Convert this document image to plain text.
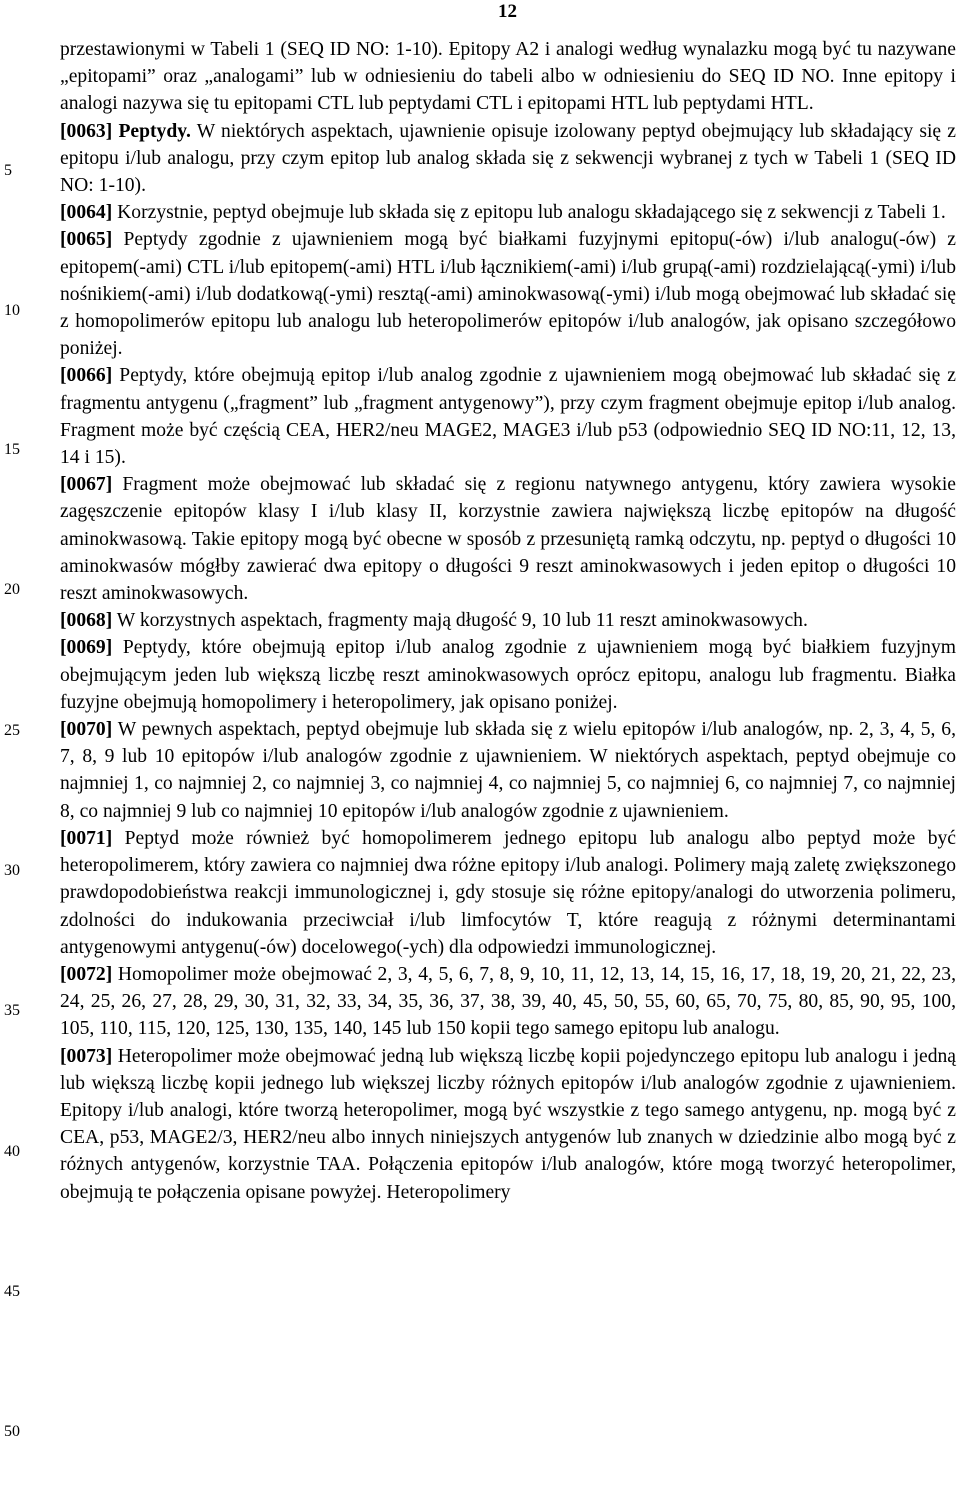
12
5
10
15
20
25
30
35
40
45
50

przestawionymi w Tabeli 1 (SEQ ID NO: 1-10). Epitopy A2 i analogi według wynalazku mogą być tu nazywane „epitopami” oraz „analogami” lub w odniesieniu do tabeli albo w odniesieniu do SEQ ID NO. Inne epitopy i analogi nazywa się tu epitopami CTL lub peptydami CTL i epitopami HTL lub peptydami HTL.

[0063] Peptydy. W niektórych aspektach, ujawnienie opisuje izolowany peptyd obejmujący lub składający się z epitopu i/lub analogu, przy czym epitop lub analog składa się z sekwencji wybranej z tych w Tabeli 1 (SEQ ID NO: 1-10).

[0064] Korzystnie, peptyd obejmuje lub składa się z epitopu lub analogu składającego się z sekwencji z Tabeli 1.

[0065] Peptydy zgodnie z ujawnieniem mogą być białkami fuzyjnymi epitopu(-ów) i/lub analogu(-ów) z epitopem(-ami) CTL i/lub epitopem(-ami) HTL i/lub łącznikiem(-ami) i/lub grupą(-ami) rozdzielającą(-ymi) i/lub nośnikiem(-ami) i/lub dodatkową(-ymi) resztą(-ami) aminokwasową(-ymi) i/lub mogą obejmować lub składać się z homopolimerów epitopu lub analogu lub heteropolimerów epitopów i/lub analogów, jak opisano szczegółowo poniżej.

[0066] Peptydy, które obejmują epitop i/lub analog zgodnie z ujawnieniem mogą obejmować lub składać się z fragmentu antygenu („fragment” lub „fragment antygenowy”), przy czym fragment obejmuje epitop i/lub analog. Fragment może być częścią CEA, HER2/neu MAGE2, MAGE3 i/lub p53 (odpowiednio SEQ ID NO:11, 12, 13, 14 i 15).

[0067] Fragment może obejmować lub składać się z regionu natywnego antygenu, który zawiera wysokie zagęszczenie epitopów klasy I i/lub klasy II, korzystnie zawiera największą liczbę epitopów na długość aminokwasową. Takie epitopy mogą być obecne w sposób z przesuniętą ramką odczytu, np. peptyd o długości 10 aminokwasów mógłby zawierać dwa epitopy o długości 9 reszt aminokwasowych i jeden epitop o długości 10 reszt aminokwasowych.

[0068] W korzystnych aspektach, fragmenty mają długość 9, 10 lub 11 reszt aminokwasowych.

[0069] Peptydy, które obejmują epitop i/lub analog zgodnie z ujawnieniem mogą być białkiem fuzyjnym obejmującym jeden lub większą liczbę reszt aminokwasowych oprócz epitopu, analogu lub fragmentu. Białka fuzyjne obejmują homopolimery i heteropolimery, jak opisano poniżej.

[0070] W pewnych aspektach, peptyd obejmuje lub składa się z wielu epitopów i/lub analogów, np. 2, 3, 4, 5, 6, 7, 8, 9 lub 10 epitopów i/lub analogów zgodnie z ujawnieniem. W niektórych aspektach, peptyd obejmuje co najmniej 1, co najmniej 2, co najmniej 3, co najmniej 4, co najmniej 5, co najmniej 6, co najmniej 7, co najmniej 8, co najmniej 9 lub co najmniej 10 epitopów i/lub analogów zgodnie z ujawnieniem.

[0071] Peptyd może również być homopolimerem jednego epitopu lub analogu albo peptyd może być heteropolimerem, który zawiera co najmniej dwa różne epitopy i/lub analogi. Polimery mają zaletę zwiększonego prawdopodobieństwa reakcji immunologicznej i, gdy stosuje się różne epitopy/analogi do utworzenia polimeru, zdolności do indukowania przeciwciał i/lub limfocytów T, które reagują z różnymi determinantami antygenowymi antygenu(-ów) docelowego(-ych) dla odpowiedzi immunologicznej.

[0072] Homopolimer może obejmować 2, 3, 4, 5, 6, 7, 8, 9, 10, 11, 12, 13, 14, 15, 16, 17, 18, 19, 20, 21, 22, 23, 24, 25, 26, 27, 28, 29, 30, 31, 32, 33, 34, 35, 36, 37, 38, 39, 40, 45, 50, 55, 60, 65, 70, 75, 80, 85, 90, 95, 100, 105, 110, 115, 120, 125, 130, 135, 140, 145 lub 150 kopii tego samego epitopu lub analogu.

[0073] Heteropolimer może obejmować jedną lub większą liczbę kopii pojedynczego epitopu lub analogu i jedną lub większą liczbę kopii jednego lub większej liczby różnych epitopów i/lub analogów zgodnie z ujawnieniem. Epitopy i/lub analogi, które tworzą heteropolimer, mogą być wszystkie z tego samego antygenu, np. mogą być z CEA, p53, MAGE2/3, HER2/neu albo innych niniejszych antygenów lub znanych w dziedzinie albo mogą być z różnych antygenów, korzystnie TAA. Połączenia epitopów i/lub analogów, które mogą tworzyć heteropolimer, obejmują te połączenia opisane powyżej. Heteropolimery
